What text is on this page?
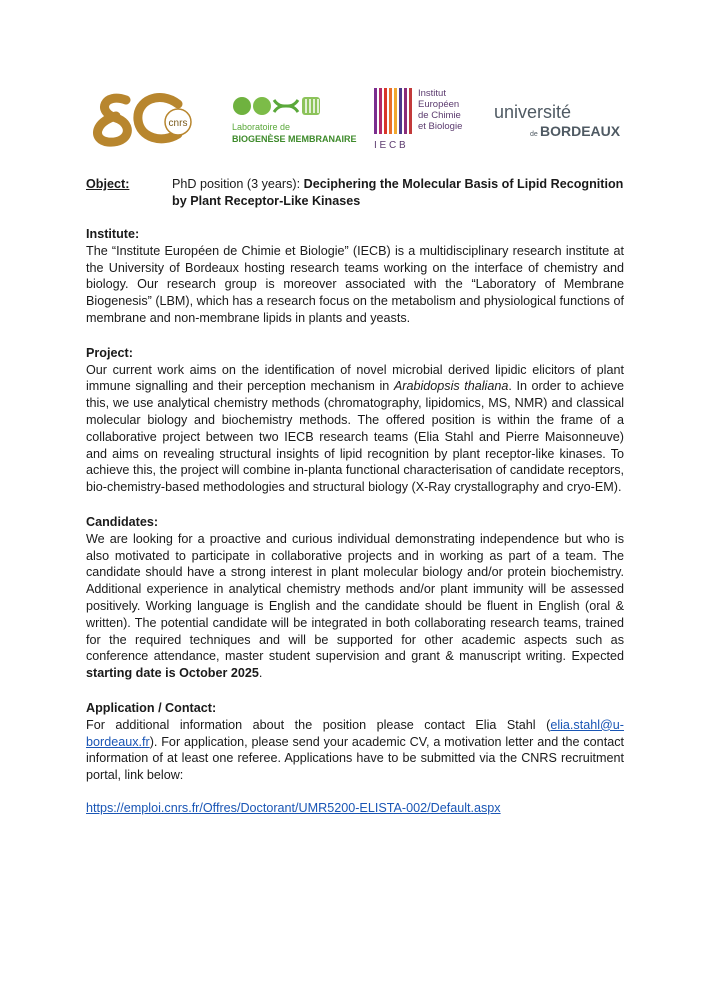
cnrs	Laboratoire de
BIOGENÈSE MEMBRANAIRE
Institut
Européen
de Chimie
et Biologie
I E C B
université
de BORDEAUX
Object:	PhD position (3 years): Deciphering the Molecular Basis of Lipid Recognition by Plant Receptor-Like Kinases
Institute:

The “Institute Européen de Chimie et Biologie” (IECB) is a multidisciplinary research institute at the University of Bordeaux hosting research teams working on the interface of chemistry and biology. Our research group is moreover associated with the “Laboratory of Membrane Biogenesis” (LBM), which has a research focus on the metabolism and physiological functions of membrane and non-membrane lipids in plants and yeasts.

Project:

Our current work aims on the identification of novel microbial derived lipidic elicitors of plant immune signalling and their perception mechanism in Arabidopsis thaliana. In order to achieve this, we use analytical chemistry methods (chromatography, lipidomics, MS, NMR) and classical molecular biology and biochemistry methods. The offered position is within the frame of a collaborative project between two IECB research teams (Elia Stahl and Pierre Maisonneuve) and aims on revealing structural insights of lipid recognition by plant receptor-like kinases. To achieve this, the project will combine in-planta functional characterisation of candidate receptors, bio-chemistry-based methodologies and structural biology (X-Ray crystallography and cryo-EM).

Candidates:

We are looking for a proactive and curious individual demonstrating independence but who is also motivated to participate in collaborative projects and in working as part of a team. The candidate should have a strong interest in plant molecular biology and/or protein biochemistry. Additional experience in analytical chemistry methods and/or plant immunity will be assessed positively. Working language is English and the candidate should be fluent in English (oral & written). The potential candidate will be integrated in both collaborating research teams, trained for the required techniques and will be supported for other academic aspects such as conference attendance, master student supervision and grant & manuscript writing. Expected starting date is October 2025.

Application / Contact:

For additional information about the position please contact Elia Stahl (elia.stahl@u-bordeaux.fr). For application, please send your academic CV, a motivation letter and the contact information of at least one referee. Applications have to be submitted via the CNRS recruitment portal, link below:

https://emploi.cnrs.fr/Offres/Doctorant/UMR5200-ELISTA-002/Default.aspx
